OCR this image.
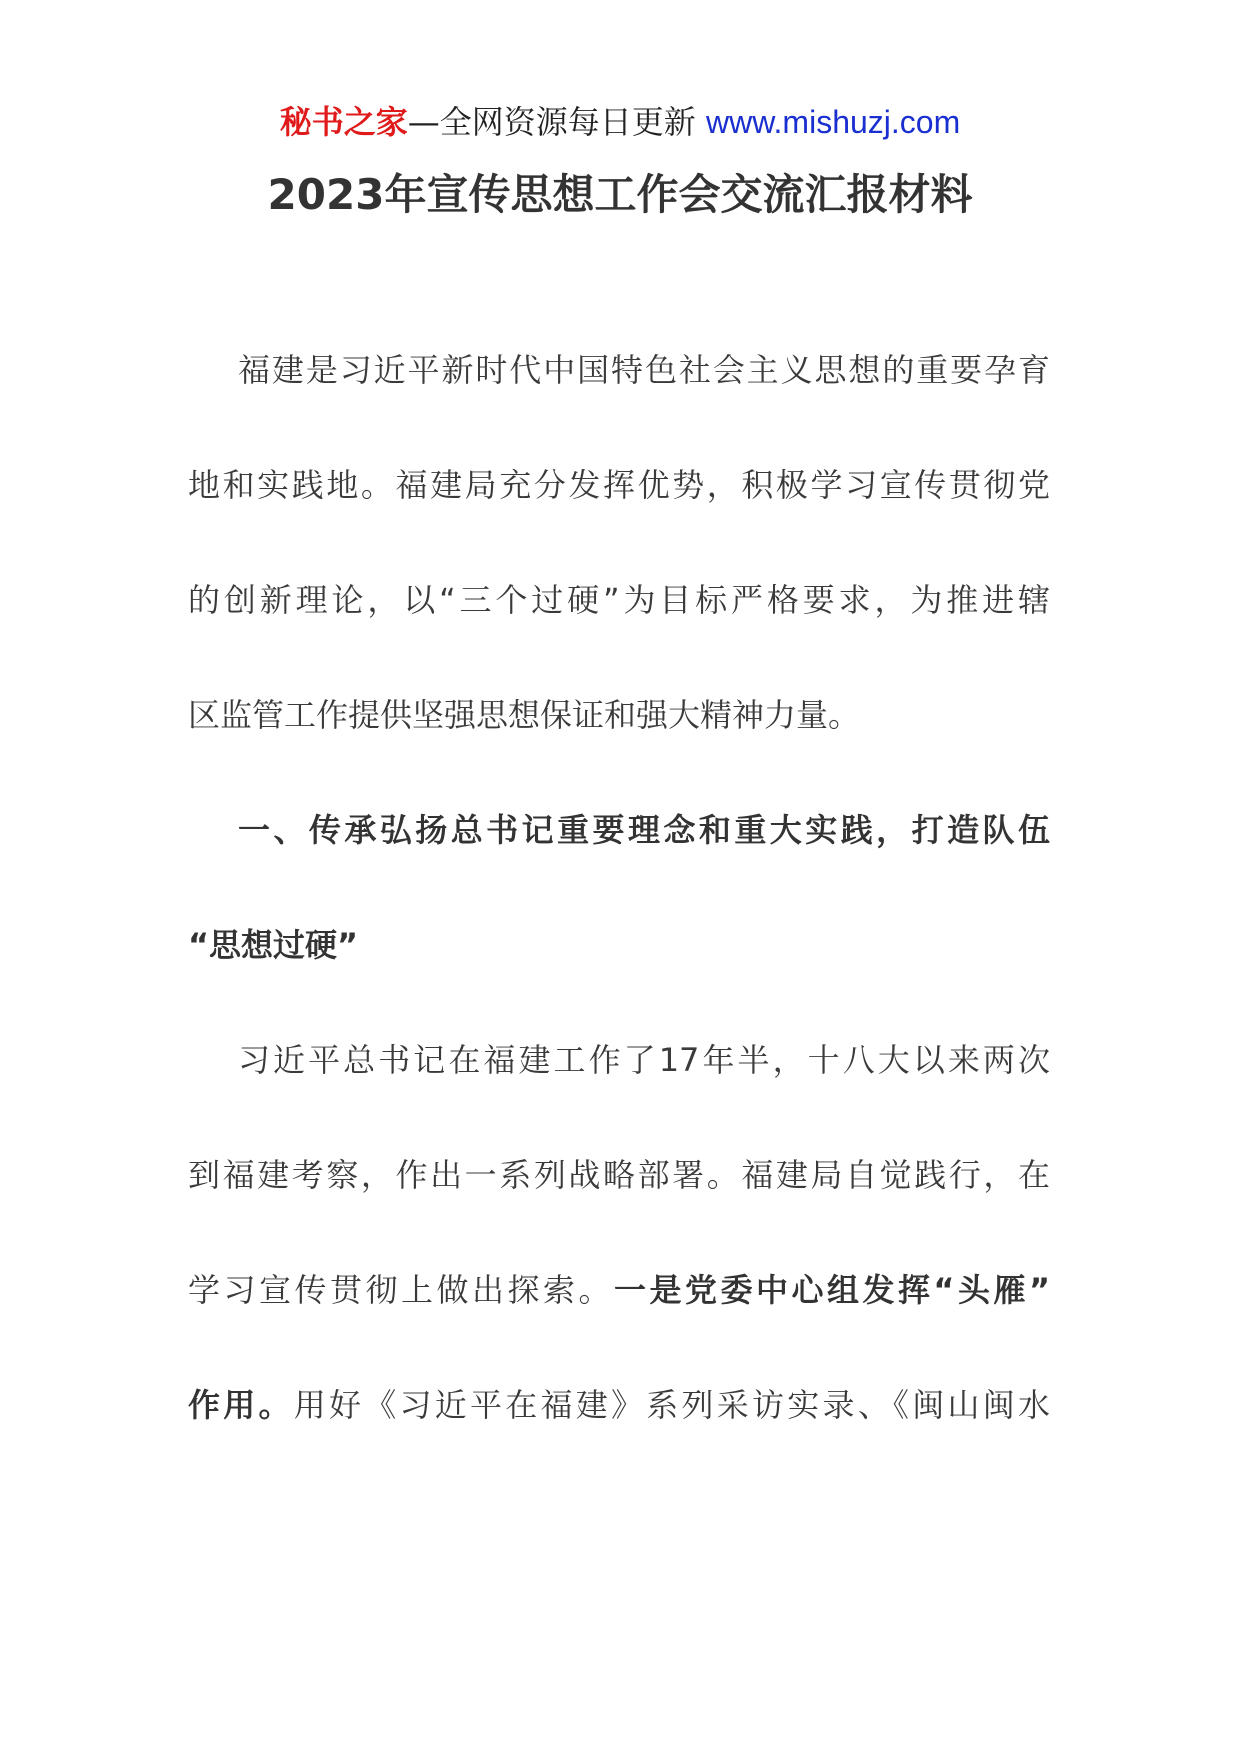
秘书之家—全网资源每日更新 www.mishuzj.com
2023年宣传思想工作会交流汇报材料
福建是习近平新时代中国特色社会主义思想的重要孕育
地和实践地。福建局充分发挥优势，积极学习宣传贯彻党
的创新理论，以“三个过硬”为目标严格要求，为推进辖
区监管工作提供坚强思想保证和强大精神力量。
一、传承弘扬总书记重要理念和重大实践，打造队伍
“思想过硬”
习近平总书记在福建工作了17年半，十八大以来两次
到福建考察，作出一系列战略部署。福建局自觉践行，在
学习宣传贯彻上做出探索。一是党委中心组发挥“头雁”
作用。用好《习近平在福建》系列采访实录、《闽山闽水
